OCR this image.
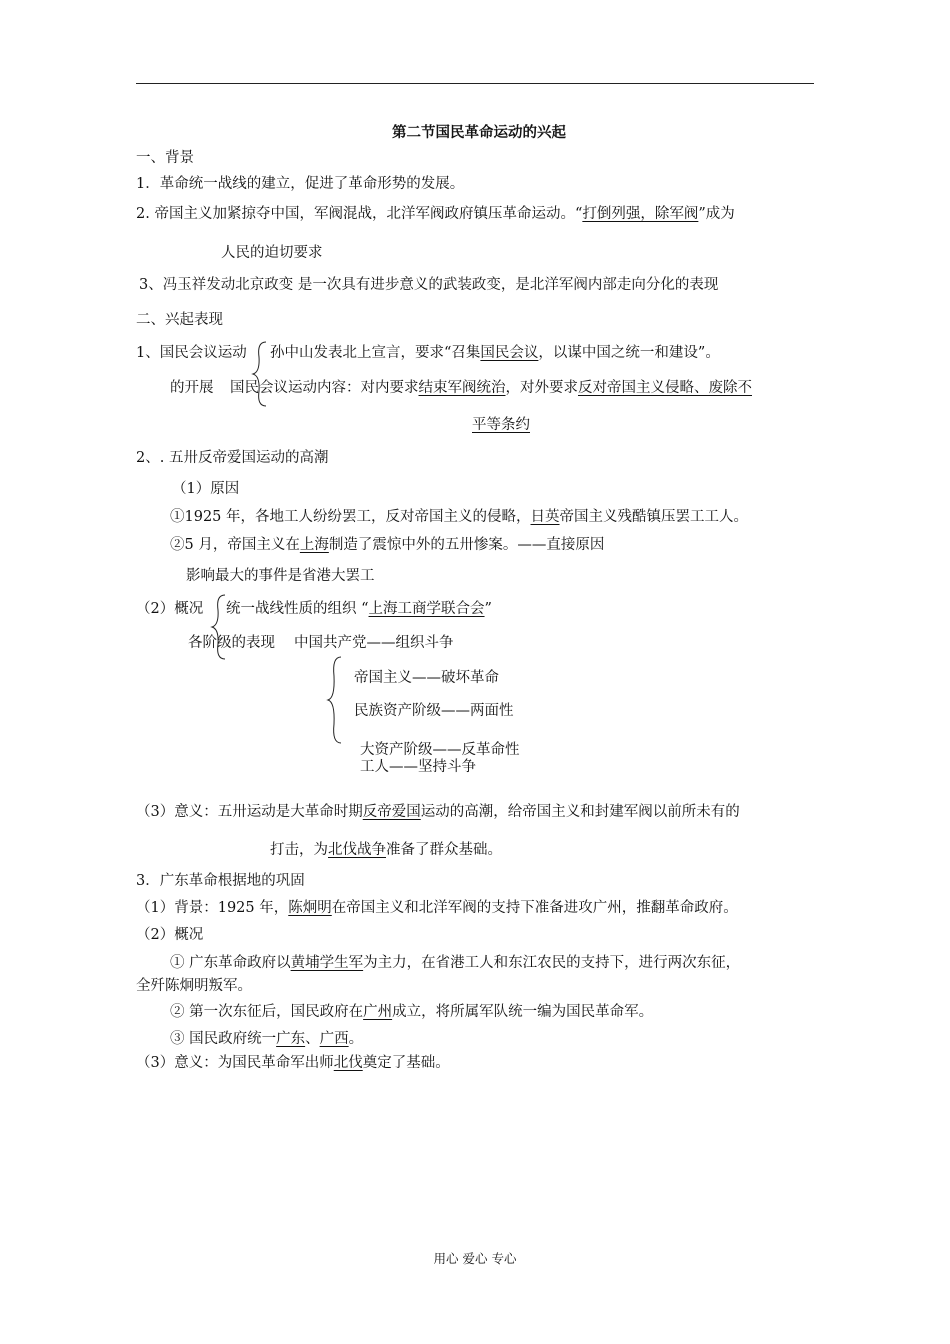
第二节国民革命运动的兴起
一、背景
1．革命统一战线的建立，促进了革命形势的发展。
2. 帝国主义加紧掠夺中国，军阀混战，北洋军阀政府镇压革命运动。“打倒列强，除军阀”成为
人民的迫切要求
3、冯玉祥发动北京政变 是一次具有进步意义的武装政变，是北洋军阀内部走向分化的表现
二、兴起表现
1、国民会议运动
的开展
孙中山发表北上宣言，要求“召集国民会议，以谋中国之统一和建设”。
国民会议运动内容：对内要求结束军阀统治，对外要求反对帝国主义侵略、废除不
平等条约
2、. 五卅反帝爱国运动的高潮
（1）原因
①1925 年，各地工人纷纷罢工，反对帝国主义的侵略，日英帝国主义残酷镇压罢工工人。
②5 月，帝国主义在上海制造了震惊中外的五卅惨案。——直接原因
影响最大的事件是省港大罢工
（2）概况 统一战线性质的组织 “上海工商学联合会”
各阶级的表现 中国共产党——组织斗争
帝国主义——破坏革命
民族资产阶级——两面性
大资产阶级——反革命性
工人——坚持斗争
（3）意义：五卅运动是大革命时期反帝爱国运动的高潮，给帝国主义和封建军阀以前所未有的
打击，为北伐战争准备了群众基础。
3．广东革命根据地的巩固
（1）背景：1925 年，陈炯明在帝国主义和北洋军阀的支持下准备进攻广州，推翻革命政府。
（2）概况
① 广东革命政府以黄埔学生军为主力，在省港工人和东江农民的支持下，进行两次东征，
全歼陈炯明叛军。
② 第一次东征后，国民政府在广州成立，将所属军队统一编为国民革命军。
③ 国民政府统一广东、广西。
（3）意义：为国民革命军出师北伐奠定了基础。
用心 爱心 专心
